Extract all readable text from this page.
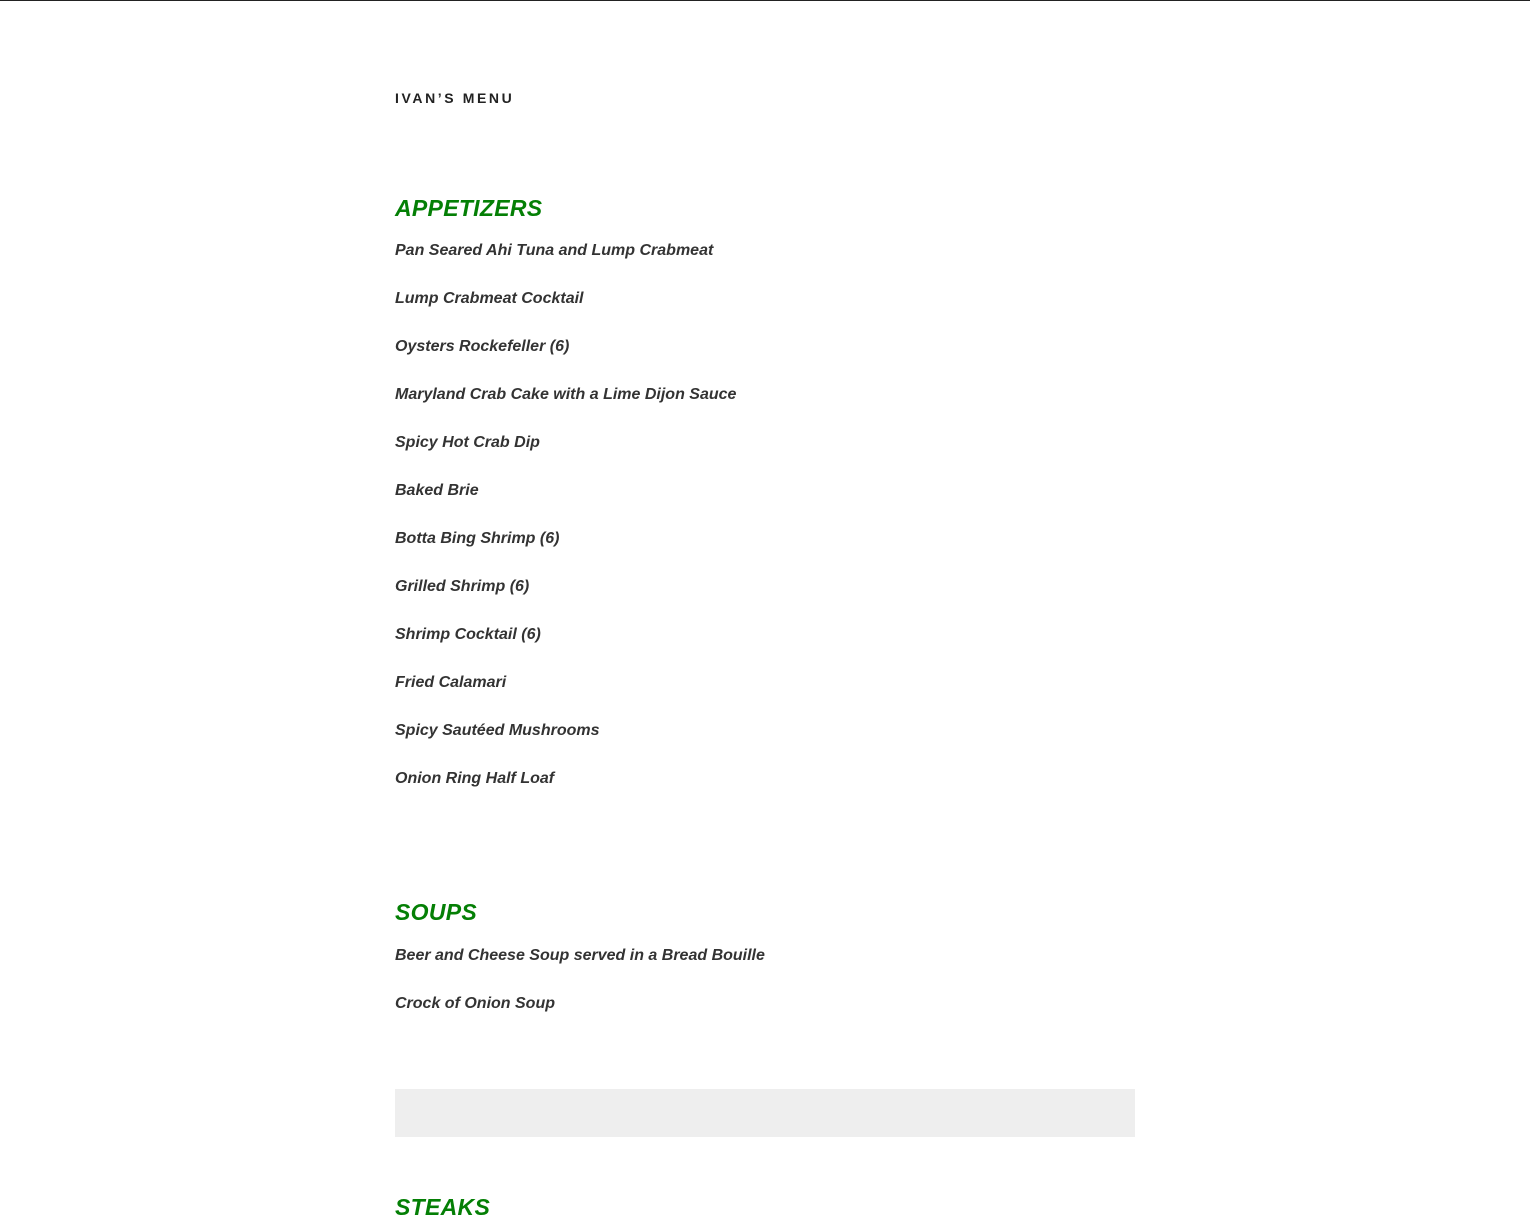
IVAN’S MENU
APPETIZERS
Pan Seared Ahi Tuna and Lump Crabmeat
Lump Crabmeat Cocktail
Oysters Rockefeller (6)
Maryland Crab Cake with a Lime Dijon Sauce
Spicy Hot Crab Dip
Baked Brie
Botta Bing Shrimp (6)
Grilled Shrimp (6)
Shrimp Cocktail (6)
Fried Calamari
Spicy Sautéed Mushrooms
Onion Ring Half Loaf
SOUPS
Beer and Cheese Soup served in a Bread Bouille
Crock of Onion Soup
STEAKS
